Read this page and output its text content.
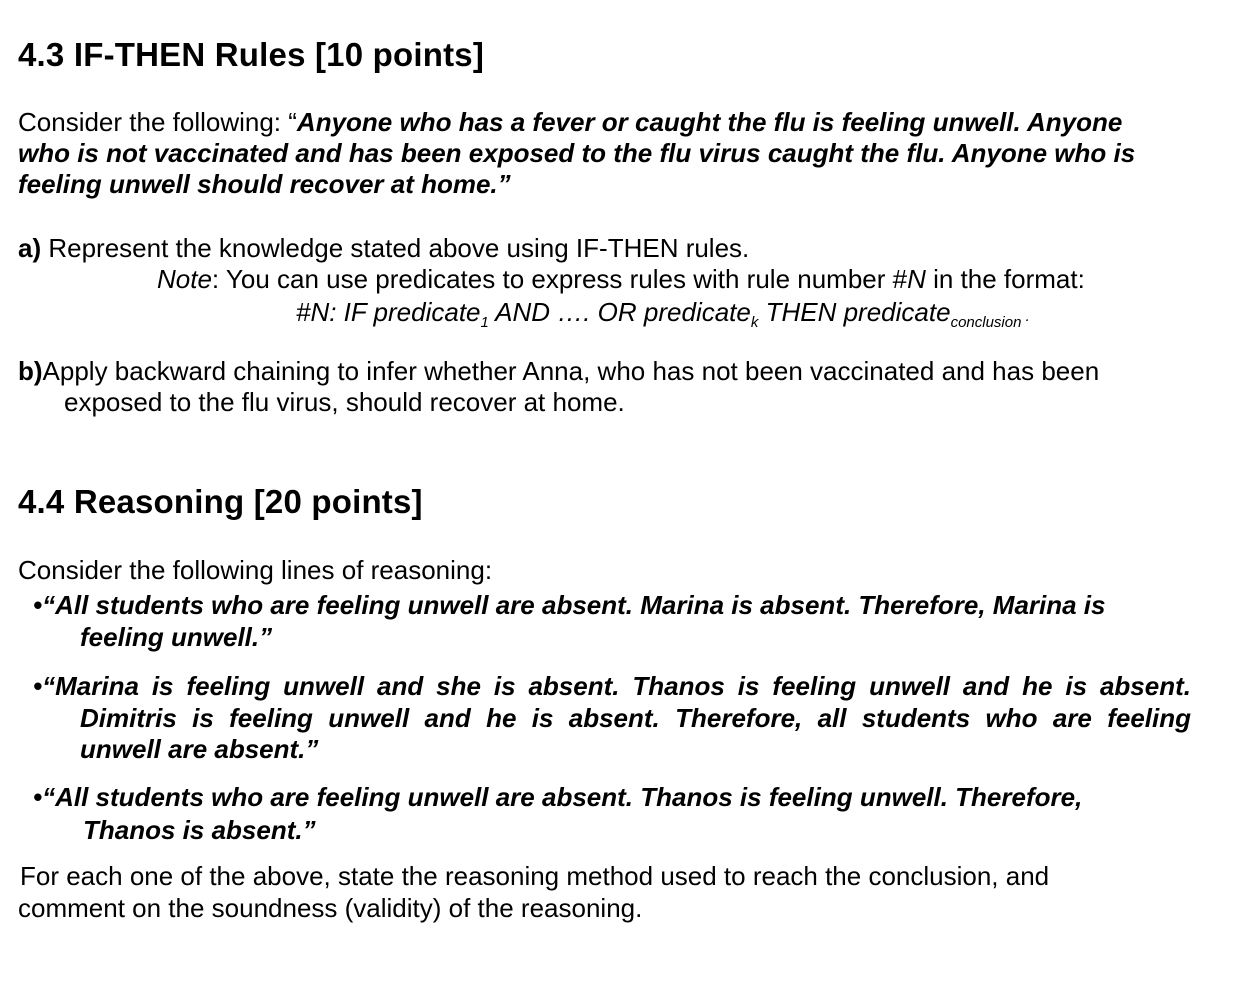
4.3 IF-THEN Rules [10 points]
Consider the following: “Anyone who has a fever or caught the flu is feeling unwell. Anyone
who is not vaccinated and has been exposed to the flu virus caught the flu. Anyone who is
feeling unwell should recover at home.”
a) Represent the knowledge stated above using IF-THEN rules.
Note: You can use predicates to express rules with rule number #N in the format:
#N: IF predicate$_1$ AND …. OR predicate$_k$ THEN predicate$_{conclusion}$ .
b)Apply backward chaining to infer whether Anna, who has not been vaccinated and has been
exposed to the flu virus, should recover at home.
4.4 Reasoning [20 points]
Consider the following lines of reasoning:
•“All students who are feeling unwell are absent. Marina is absent. Therefore, Marina is
feeling unwell.”
•“Marina is feeling unwell and she is absent. Thanos is feeling unwell and he is absent.
Dimitris is feeling unwell and he is absent. Therefore, all students who are feeling
unwell are absent.”
•“All students who are feeling unwell are absent. Thanos is feeling unwell. Therefore,
Thanos is absent.”
For each one of the above, state the reasoning method used to reach the conclusion, and
comment on the soundness (validity) of the reasoning.
